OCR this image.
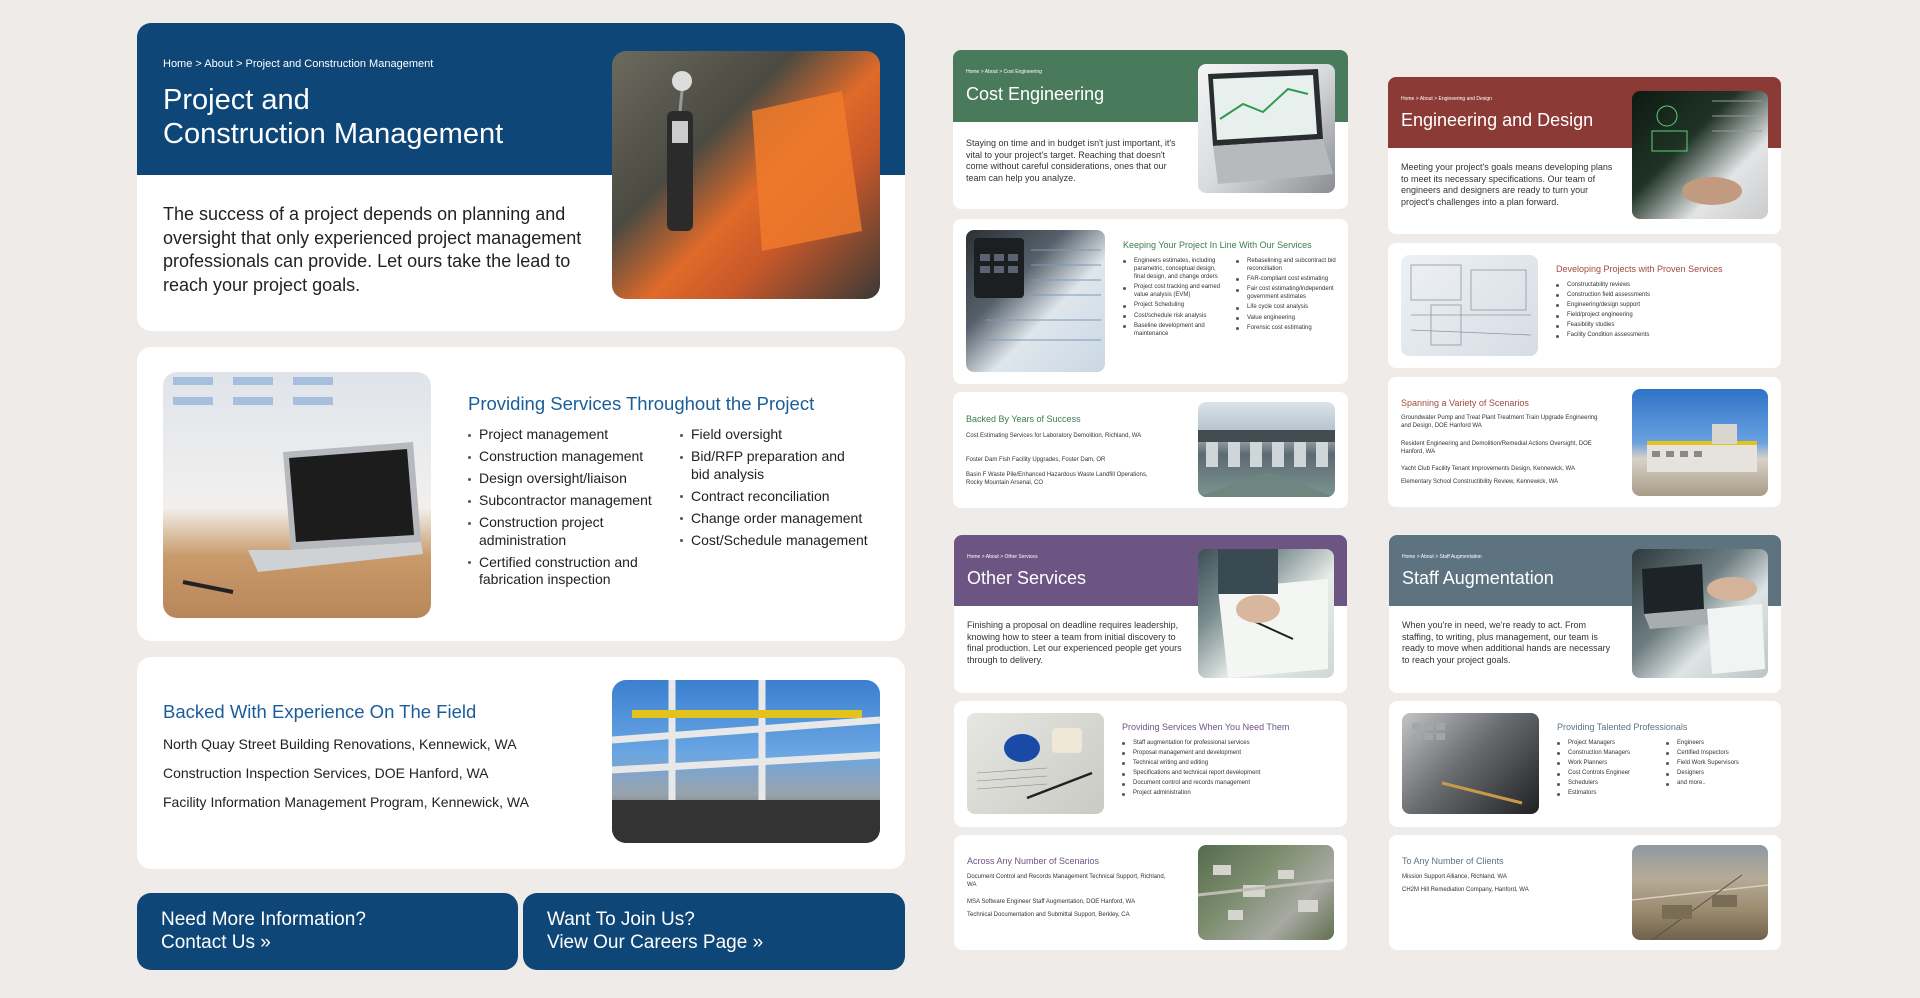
Home > About > Project and Construction Management
Project and
Construction Management
The success of a project depends on planning and oversight that only experienced project management professionals can provide. Let ours take the lead to reach your project goals.
Providing Services Throughout the Project
Project management
Construction management
Design oversight/liaison
Subcontractor management
Construction project administration
Certified construction and fabrication inspection
Field oversight
Bid/RFP preparation and bid analysis
Contract reconciliation
Change order management
Cost/Schedule management
Backed With Experience On The Field
North Quay Street Building Renovations, Kennewick, WA
Construction Inspection Services, DOE Hanford, WA
Facility Information Management Program, Kennewick, WA
Need More Information?
Contact Us »
Want To Join Us?
View Our Careers Page »
Home > About > Cost Engineering
Cost Engineering
Staying on time and in budget isn't just important, it's vital to your project's target. Reaching that doesn't come without careful considerations, ones that our team can help you analyze.
Keeping Your Project In Line With Our Services
Engineers estimates, including parametric, conceptual design, final design, and change orders
Project cost tracking and earned value analysis (EVM)
Project Scheduling
Cost/schedule risk analysis
Baseline development and maintenance
Rebaselining and subcontract bid reconciliation
FAR-compliant cost estimating
Fair cost estimating/independent government estimates
Life cycle cost analysis
Value engineering
Forensic cost estimating
Backed By Years of Success
Cost Estimating Services for Laboratory Demolition, Richland, WA
Foster Dam Fish Facility Upgrades, Foster Dam, OR
Basin F Waste Pile/Enhanced Hazardous Waste Landfill Operations, Rocky Mountain Arsenal, CO
Home > About > Engineering and Design
Engineering and Design
Meeting your project's goals means developing plans to meet its necessary specifications. Our team of engineers and designers are ready to turn your project's challenges into a plan forward.
Developing Projects with Proven Services
Constructability reviews
Construction field assessments
Engineering/design support
Field/project engineering
Feasibility studies
Facility Condition assessments
Spanning a Variety of Scenarios
Groundwater Pump and Treat Plant Treatment Train Upgrade Engineering and Design, DOE Hanford WA
Resident Engineering and Demolition/Remedial Actions Oversight, DOE Hanford, WA
Yacht Club Facility Tenant Improvements Design, Kennewick, WA
Elementary School Constructibility Review, Kennewick, WA
Home > About > Other Services
Other Services
Finishing a proposal on deadline requires leadership, knowing how to steer a team from initial discovery to final production. Let our experienced people get yours through to delivery.
Providing Services When You Need Them
Staff augmentation for professional services
Proposal management and development
Technical writing and editing
Specifications and technical report development
Document control and records management
Project administration
Across Any Number of Scenarios
Document Control and Records Management Technical Support, Richland, WA
MSA Software Engineer Staff Augmentation, DOE Hanford, WA
Technical Documentation and Submittal Support, Berkley, CA
Home > About > Staff Augmentation
Staff Augmentation
When you're in need, we're ready to act. From staffing, to writing, plus management, our team is ready to move when additional hands are necessary to reach your project goals.
Providing Talented Professionals
Project Managers
Construction Managers
Work Planners
Cost Controls Engineer
Schedulers
Estimators
Engineers
Certified Inspectors
Field Work Supervisors
Designers
and more..
To Any Number of Clients
Mission Support Alliance, Richland, WA
CH2M Hill Remediation Company, Hanford, WA
